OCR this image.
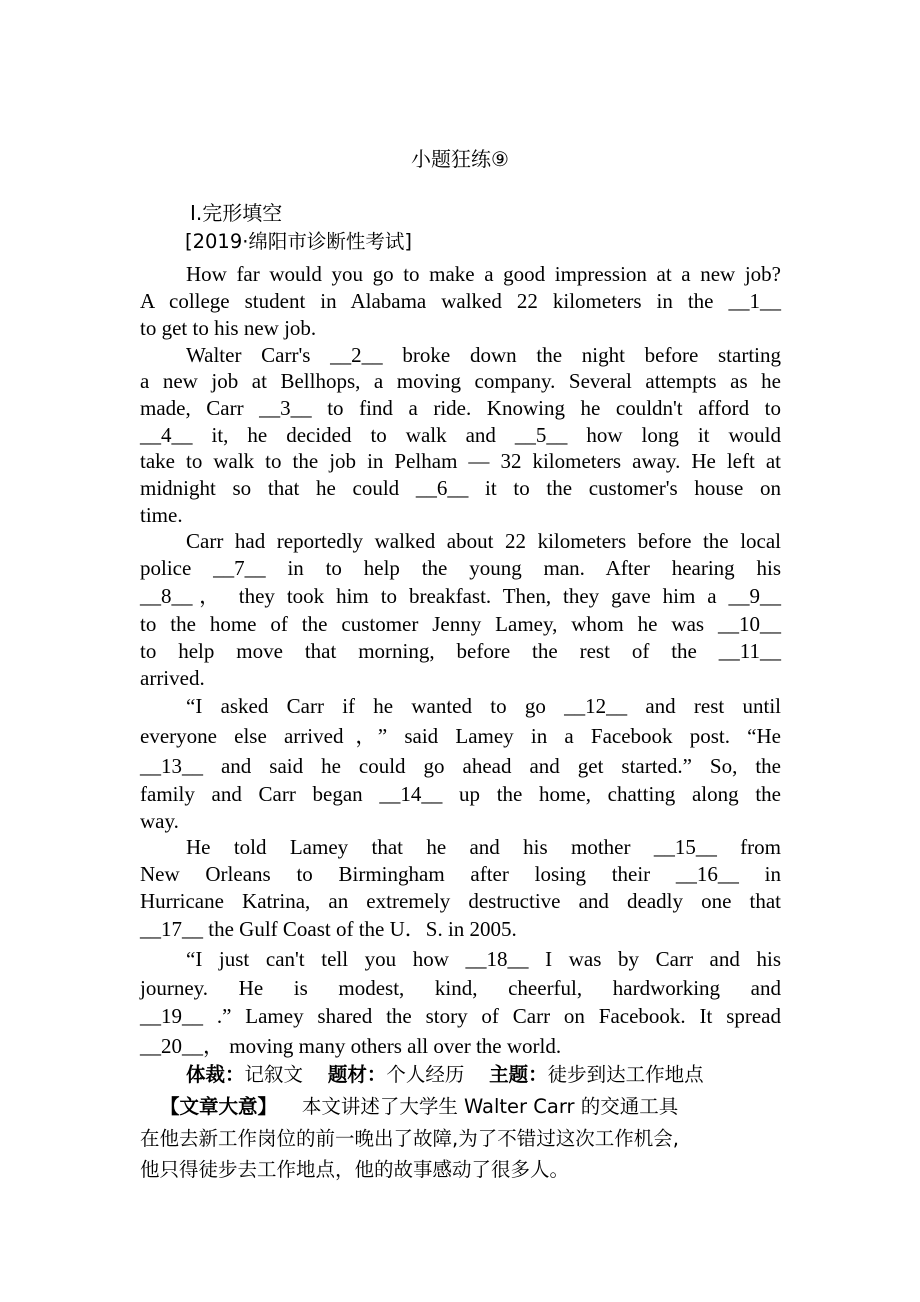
小题狂练⑨
Ⅰ.完形填空
[2019·绵阳市诊断性考试]
How far would you go to make a good impression at a new job?
A college student in Alabama walked 22 kilometers in the __1__
to get to his new job.
Walter Carr's __2__ broke down the night before starting
a new job at Bellhops, a moving company. Several attempts as he
made, Carr __3__ to find a ride. Knowing he couldn't afford to
__4__ it, he decided to walk and __5__ how long it would
take to walk to the job in Pelham — 32 kilometers away. He left at
midnight so that he could __6__ it to the customer's house on
time.
Carr had reportedly walked about 22 kilometers before the local
police __7__ in to help the young man. After hearing his
__8__， they took him to breakfast. Then, they gave him a __9__
to the home of the customer Jenny Lamey, whom he was __10__
to help move that morning, before the rest of the __11__
arrived.
“I asked Carr if he wanted to go __12__ and rest until
everyone else arrived，” said Lamey in a Facebook post. “He
__13__ and said he could go ahead and get started.” So, the
family and Carr began __14__ up the home, chatting along the
way.
He told Lamey that he and his mother __15__ from
New Orleans to Birmingham after losing their __16__ in
Hurricane Katrina, an extremely destructive and deadly one that
__17__ the Gulf Coast of the U．S. in 2005.
“I just can't tell you how __18__ I was by Carr and his
journey. He is modest, kind, cheerful, hardworking and
__19__ .” Lamey shared the story of Carr on Facebook. It spread
__20__， moving many others all over the world.
体裁：记叙文 题材：个人经历 主题：徒步到达工作地点
【文章大意】 本文讲述了大学生 Walter Carr 的交通工具
在他去新工作岗位的前一晚出了故障,为了不错过这次工作机会,
他只得徒步去工作地点，他的故事感动了很多人。
